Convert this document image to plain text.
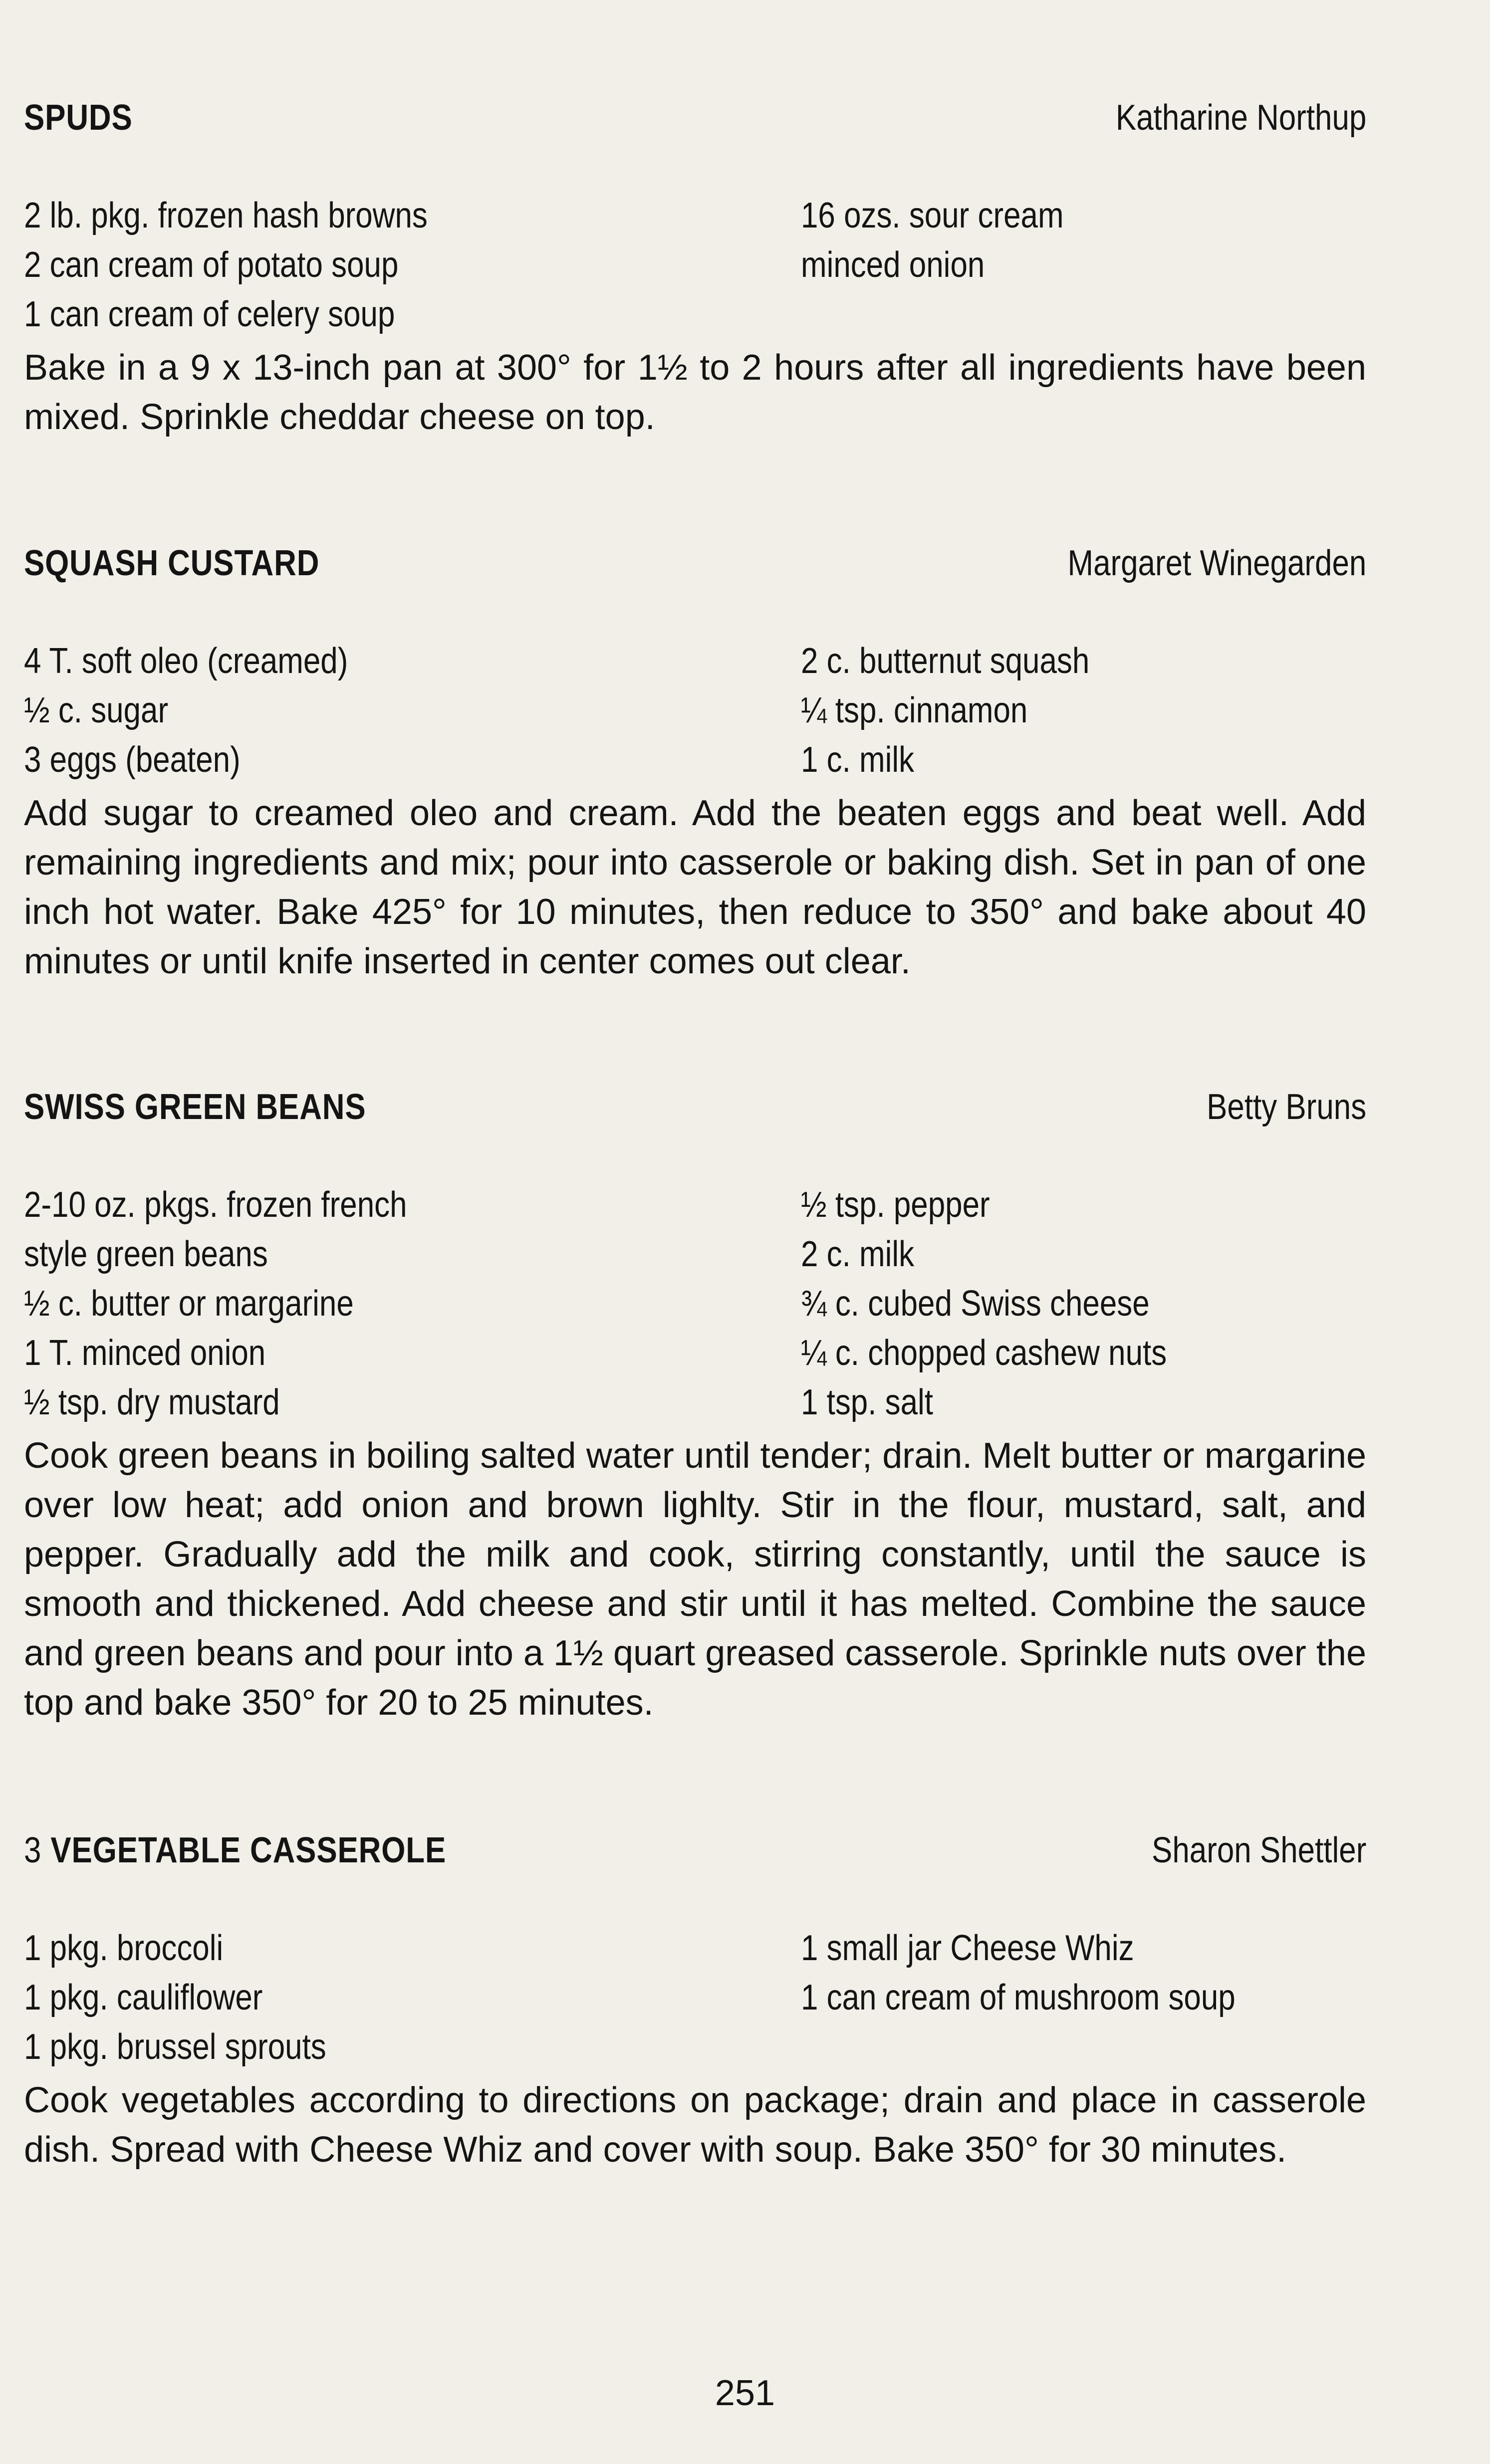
SPUDS	Katharine Northup
2 lb. pkg. frozen hash browns	16 ozs. sour cream
2 can cream of potato soup	minced onion
1 can cream of celery soup

Bake in a 9 x 13-inch pan at 300° for 1½ to 2 hours after all ingredients have been mixed. Sprinkle cheddar cheese on top.

SQUASH CUSTARD	Margaret Winegarden
4 T. soft oleo (creamed)	2 c. butternut squash
½ c. sugar	¼ tsp. cinnamon
3 eggs (beaten)	1 c. milk

Add sugar to creamed oleo and cream. Add the beaten eggs and beat well. Add remaining ingredients and mix; pour into casserole or baking dish. Set in pan of one inch hot water. Bake 425° for 10 minutes, then reduce to 350° and bake about 40 minutes or until knife inserted in center comes out clear.

SWISS GREEN BEANS	Betty Bruns
2-10 oz. pkgs. frozen french	½ tsp. pepper
style green beans	2 c. milk
½ c. butter or margarine	¾ c. cubed Swiss cheese
1 T. minced onion	¼ c. chopped cashew nuts
½ tsp. dry mustard	1 tsp. salt

Cook green beans in boiling salted water until tender; drain. Melt butter or margarine over low heat; add onion and brown lighlty. Stir in the flour, mustard, salt, and pepper. Gradually add the milk and cook, stirring constantly, until the sauce is smooth and thickened. Add cheese and stir until it has melted. Combine the sauce and green beans and pour into a 1½ quart greased casserole. Sprinkle nuts over the top and bake 350° for 20 to 25 minutes.

3 VEGETABLE CASSEROLE	Sharon Shettler
1 pkg. broccoli	1 small jar Cheese Whiz
1 pkg. cauliflower	1 can cream of mushroom soup
1 pkg. brussel sprouts

Cook vegetables according to directions on package; drain and place in casserole dish. Spread with Cheese Whiz and cover with soup. Bake 350° for 30 minutes.

251
